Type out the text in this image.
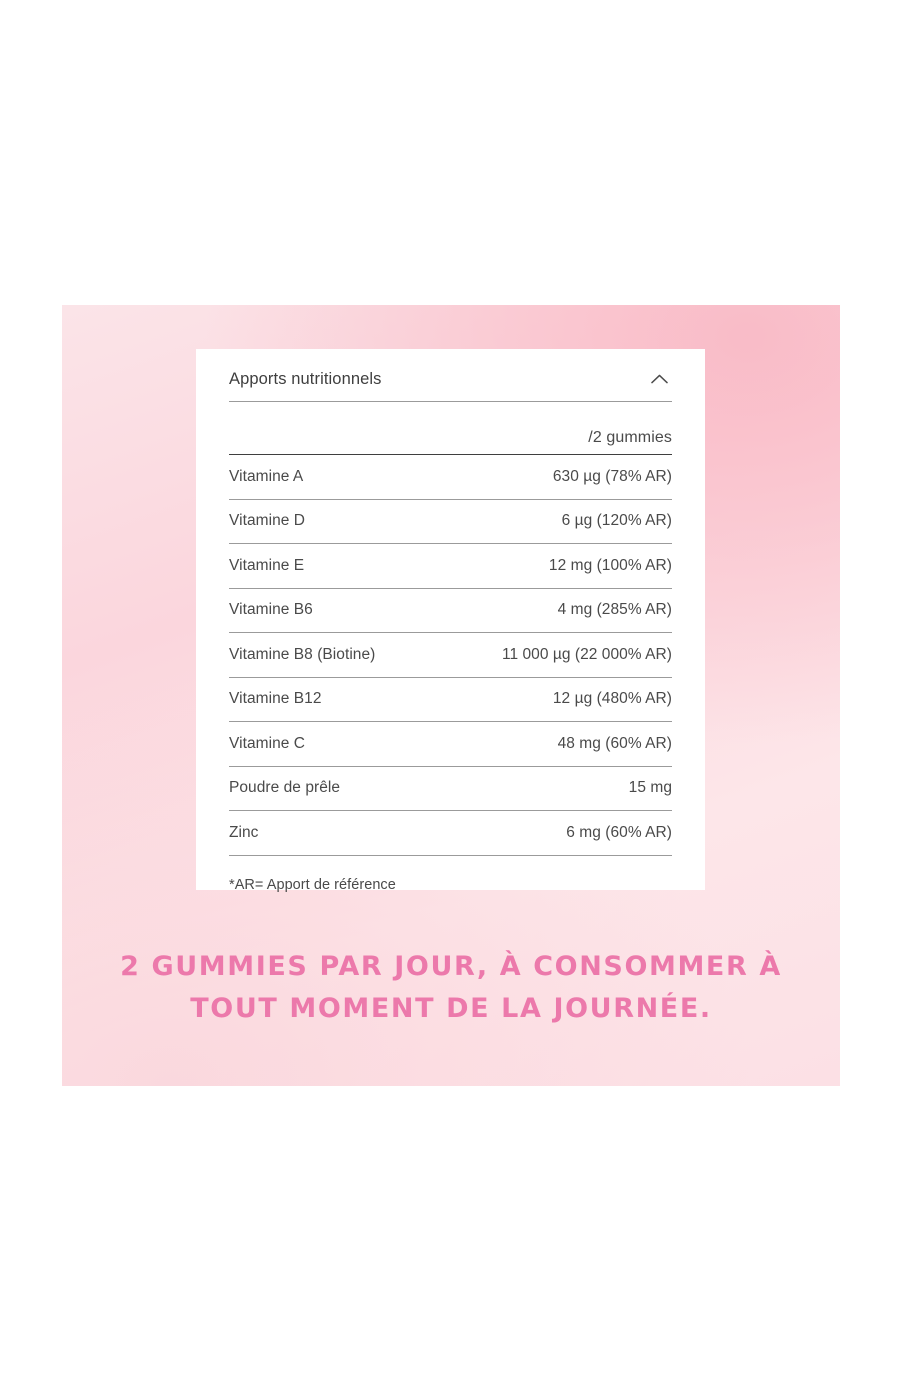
Apports nutritionnels
/2 gummies
Vitamine A	630 µg (78% AR)
Vitamine D	6 µg (120% AR)
Vitamine E	12 mg (100% AR)
Vitamine B6	4 mg (285% AR)
Vitamine B8 (Biotine)	11 000 µg (22 000% AR)
Vitamine B12	12 µg (480% AR)
Vitamine C	48 mg (60% AR)
Poudre de prêle	15 mg
Zinc	6 mg (60% AR)
*AR= Apport de référence

2 GUMMIES PAR JOUR, À CONSOMMER À TOUT MOMENT DE LA JOURNÉE.
